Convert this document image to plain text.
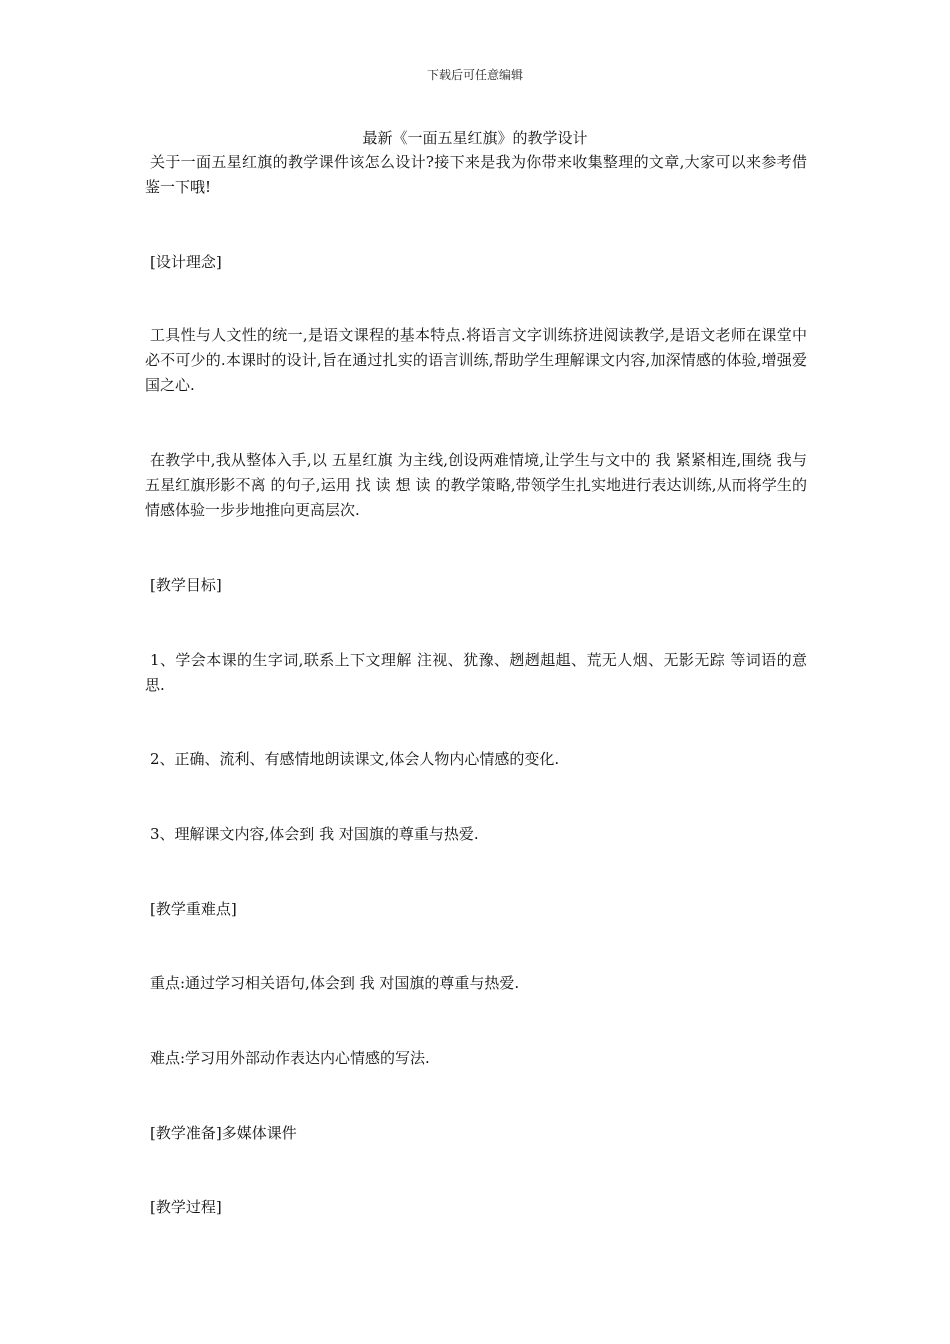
下载后可任意编辑
最新《一面五星红旗》的教学设计

关于一面五星红旗的教学课件该怎么设计?接下来是我为你带来收集整理的文章,大家可以来参考借鉴一下哦!

[设计理念]

工具性与人文性的统一,是语文课程的基本特点.将语言文字训练挤进阅读教学,是语文老师在课堂中必不可少的.本课时的设计,旨在通过扎实的语言训练,帮助学生理解课文内容,加深情感的体验,增强爱国之心.

在教学中,我从整体入手,以 五星红旗 为主线,创设两难情境,让学生与文中的 我 紧紧相连,围绕 我与五星红旗形影不离 的句子,运用 找 读 想 读 的教学策略,带领学生扎实地进行表达训练,从而将学生的情感体验一步步地推向更高层次.

[教学目标]

1、学会本课的生字词,联系上下文理解 注视、犹豫、趔趔趄趄、荒无人烟、无影无踪 等词语的意思.

2、正确、流利、有感情地朗读课文,体会人物内心情感的变化.

3、理解课文内容,体会到 我 对国旗的尊重与热爱.

[教学重难点]

重点:通过学习相关语句,体会到 我 对国旗的尊重与热爱.

难点:学习用外部动作表达内心情感的写法.

[教学准备]多媒体课件

[教学过程]
